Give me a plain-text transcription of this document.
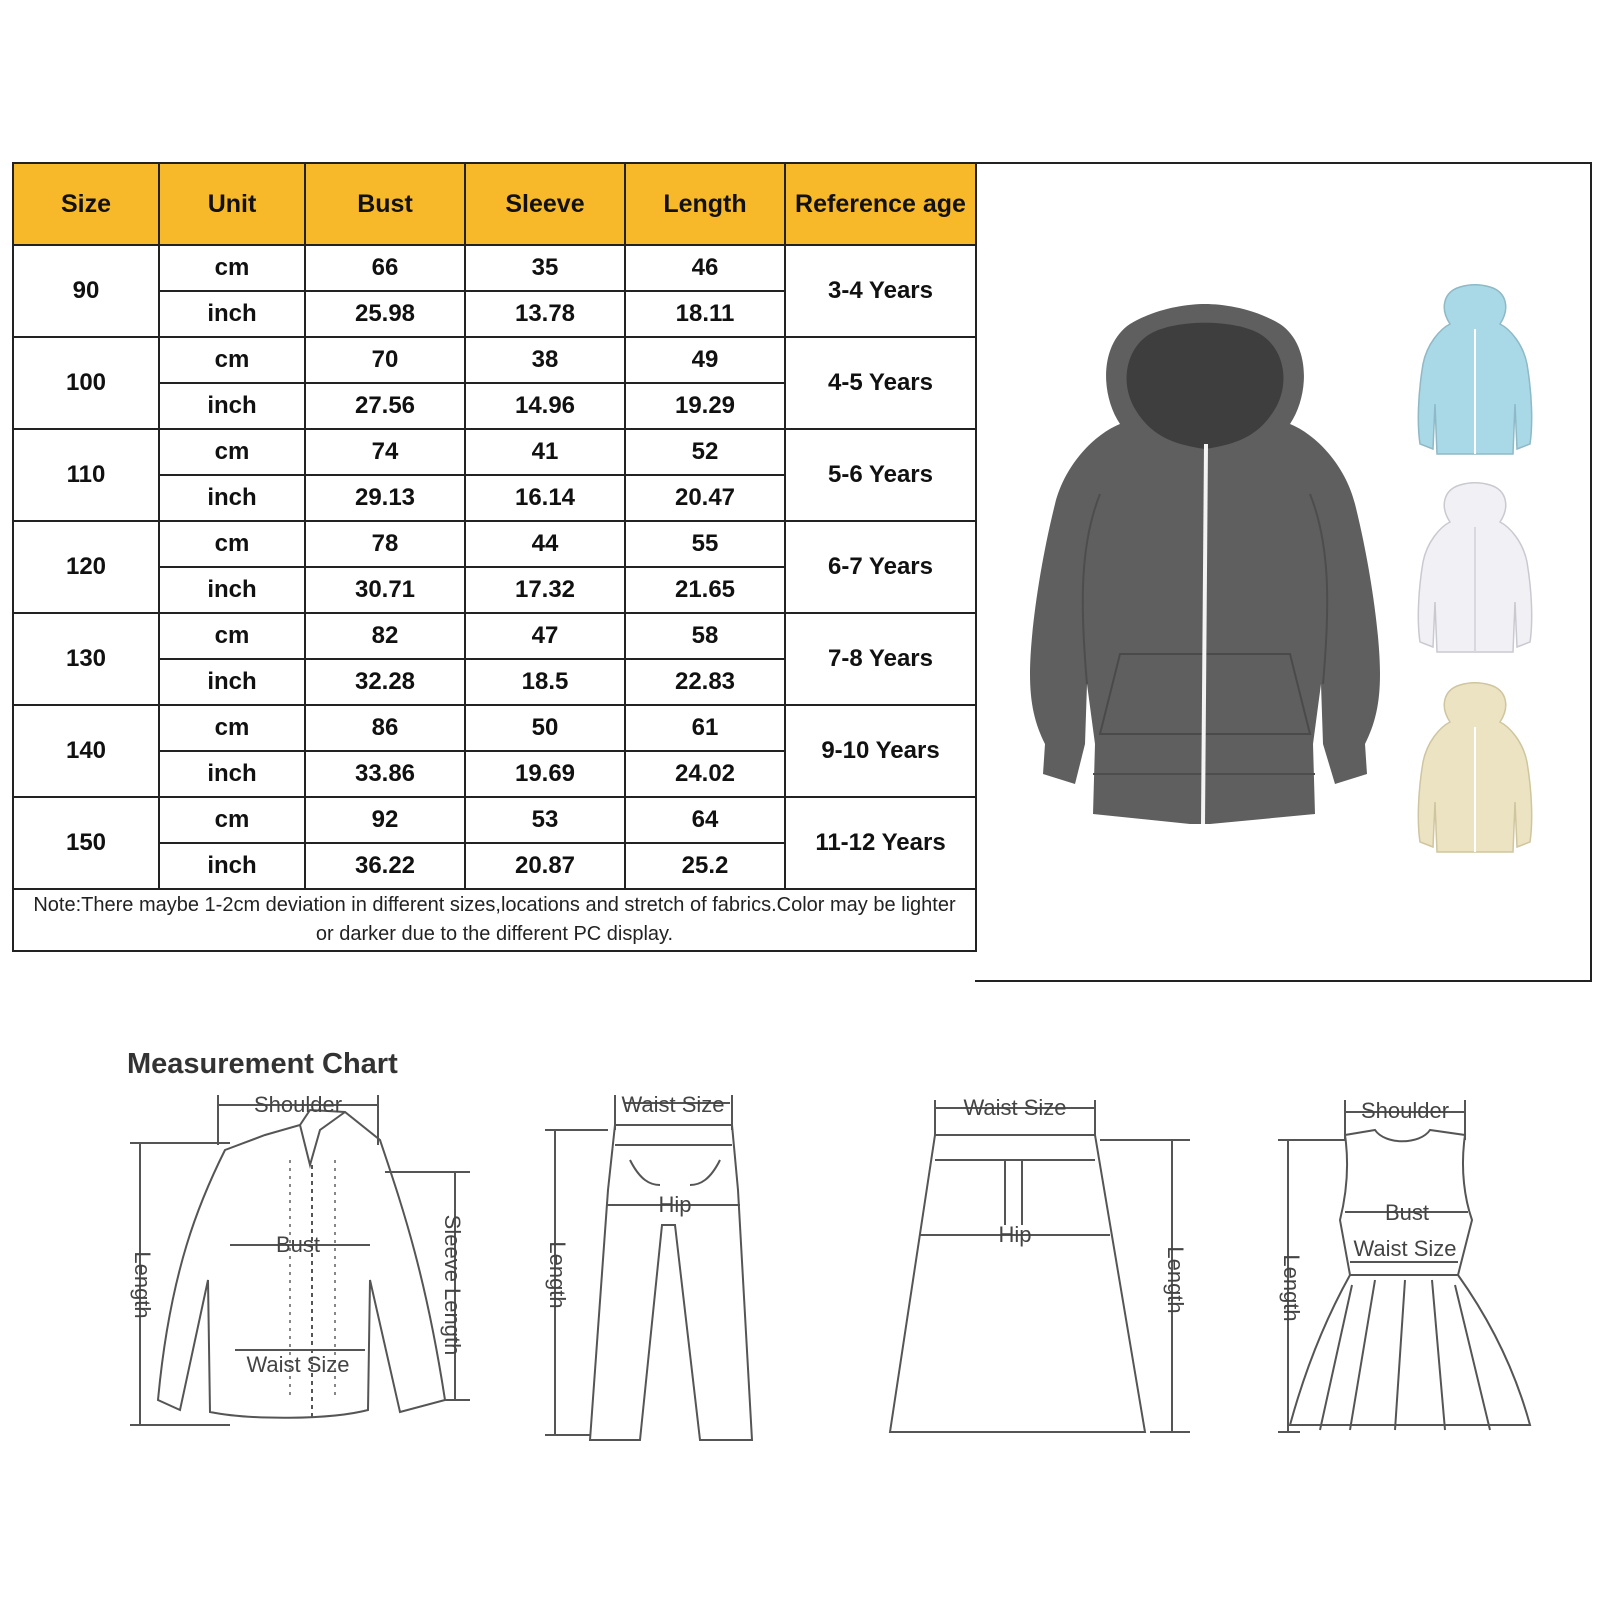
Size	Unit	Bust	Sleeve	Length	Reference age
90	cm	66	35	46	3-4 Years
	inch	25.98	13.78	18.11	
100	cm	70	38	49	4-5 Years
	inch	27.56	14.96	19.29	
110	cm	74	41	52	5-6 Years
	inch	29.13	16.14	20.47	
120	cm	78	44	55	6-7 Years
	inch	30.71	17.32	21.65	
130	cm	82	47	58	7-8 Years
	inch	32.28	18.5	22.83	
140	cm	86	50	61	9-10 Years
	inch	33.86	19.69	24.02	
150	cm	92	53	64	11-12 Years
	inch	36.22	20.87	25.2	
Note:There maybe 1-2cm deviation in different sizes,locations and stretch of fabrics.Color may be lighter or darker due to the different PC display.					
Measurement Chart
Shoulder
Bust
Waist Size
Length	Sleeve Length
Waist Size
Hip
Length
Waist Size
Hip
Length
Shoulder
Bust
Waist Size
Length
